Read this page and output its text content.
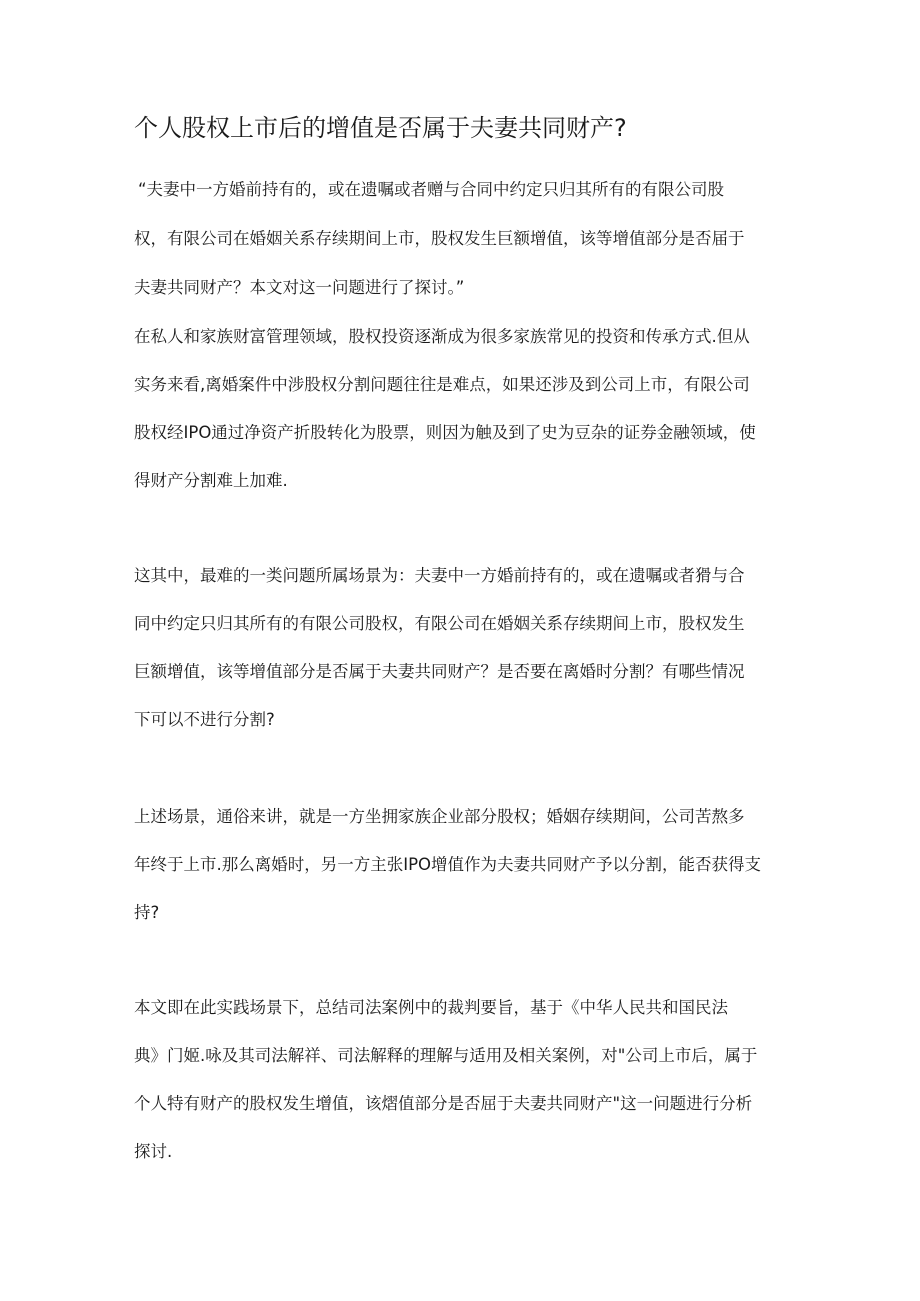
个人股权上市后的增值是否属于夫妻共同财产?

“夫妻中一方婚前持有的，或在遗嘱或者赠与合同中约定只归其所有的有限公司股

权，有限公司在婚姻关系存续期间上市，股权发生巨额增值，该等增值部分是否届于

夫妻共同财产？本文对这一问题进行了探讨。”

在私人和家族财富管理领域，股权投资逐渐成为很多家族常见的投资和传承方式.但从

实务来看,离婚案件中涉股权分割问题往往是难点，如果还涉及到公司上市，有限公司

股权经IPO通过净资产折股转化为股票，则因为触及到了史为豆杂的证券金融领域，使

得财产分割难上加难.

这其中，最难的一类问题所属场景为：夫妻中一方婚前持有的，或在遗嘱或者猾与合

同中约定只归其所有的有限公司股权，有限公司在婚姻关系存续期间上市，股权发生

巨额增值，该等增值部分是否属于夫妻共同财产？是否要在离婚时分割？有哪些情况

下可以不进行分割?

上述场景，通俗来讲，就是一方坐拥家族企业部分股权；婚姻存续期间，公司苦熬多

年终于上市.那么离婚时，另一方主张IPO增值作为夫妻共同财产予以分割，能否获得支

持?

本文即在此实践场景下，总结司法案例中的裁判要旨，基于《中华人民共和国民法

典》门姬.咏及其司法解祥、司法解释的理解与适用及相关案例，对"公司上市后，属于

个人特有财产的股权发生增值，该熠值部分是否屈于夫妻共同财产"这一问题进行分析

探讨.
